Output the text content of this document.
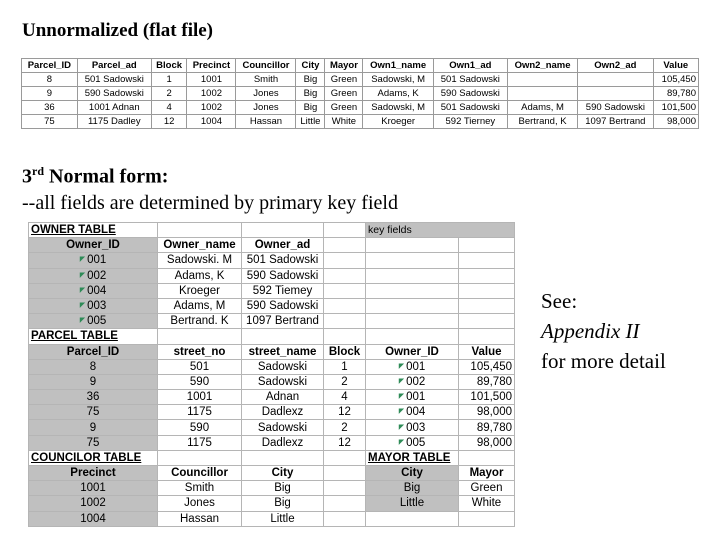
Unnormalized (flat file)
Parcel_ID	Parcel_ad	Block	Precinct	Councillor	City	Mayor	Own1_name	Own1_ad	Own2_name	Own2_ad	Value
8	501 Sadowski	1	1001	Smith	Big	Green	Sadowski, M	501 Sadowski			105,450
9	590 Sadowski	2	1002	Jones	Big	Green	Adams, K	590 Sadowski			89,780
36	1001 Adnan	4	1002	Jones	Big	Green	Sadowski, M	501 Sadowski	Adams, M	590 Sadowski	101,500
75	1175 Dadley	12	1004	Hassan	Little	White	Kroeger	592 Tierney	Bertrand, K	1097 Bertrand	98,000
3rd Normal form:

--all fields are determined by primary key field

OWNER TABLE				key fields	
Owner_ID	Owner_name	Owner_ad			
◤ 001	Sadowski. M	501 Sadowski			
◤ 002	Adams, K	590 Sadowski			
◤ 004	Kroeger	592 Tiemey			
◤ 003	Adams, M	590 Sadowski			
◤ 005	Bertrand. K	1097 Bertrand			
PARCEL TABLE					
Parcel_ID	street_no	street_name	Block	Owner_ID	Value
8	501	Sadowski	1	◤ 001	105,450
9	590	Sadowski	2	◤ 002	89,780
36	1001	Adnan	4	◤ 001	101,500
75	1175	Dadlexz	12	◤ 004	98,000
9	590	Sadowski	2	◤ 003	89,780
75	1175	Dadlexz	12	◤ 005	98,000
COUNCILOR TABLE				MAYOR TABLE	
Precinct	Councillor	City		City	Mayor
1001	Smith	Big		Big	Green
1002	Jones	Big		Little	White
1004	Hassan	Little			
See:
Appendix II
for more detail
